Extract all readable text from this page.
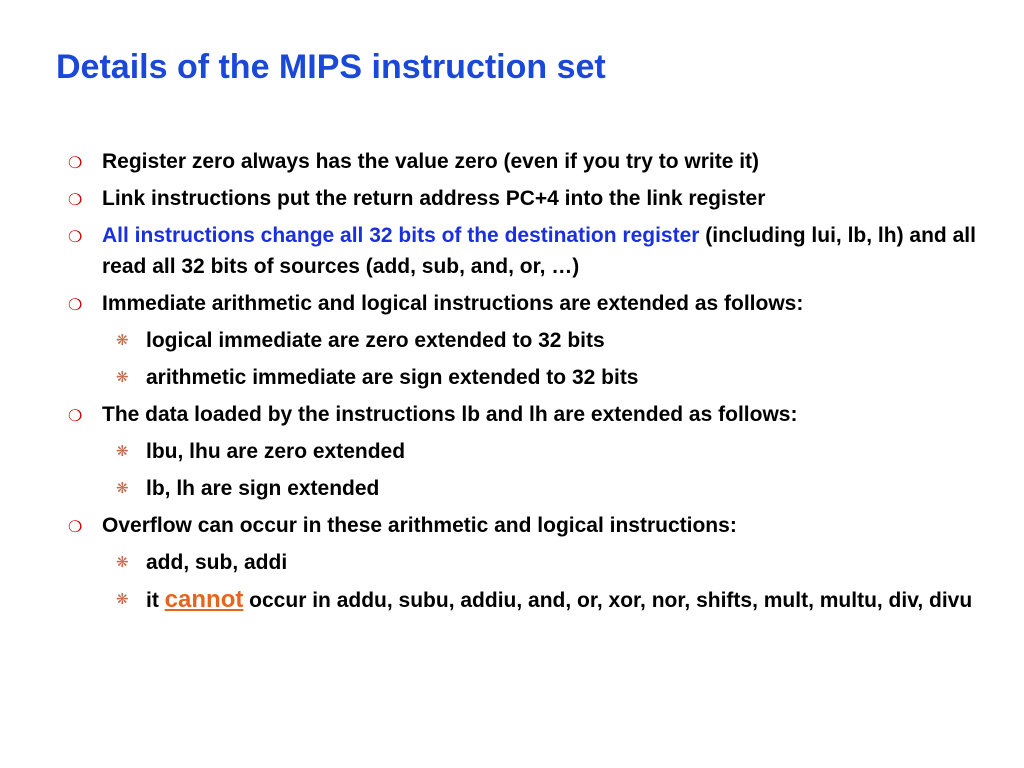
Details of the MIPS instruction set
❍ Register zero always has the value zero (even if you try to write it)
❍ Link instructions put the return address PC+4 into the link register
❍ All instructions change all 32 bits of the destination register (including lui, lb, lh) and all read all 32 bits of sources (add, sub, and, or, …)
❍ Immediate arithmetic and logical instructions are extended as follows:
❋ logical immediate are zero extended to 32 bits
❋ arithmetic immediate are sign extended to 32 bits
❍ The data loaded by the instructions lb and lh are extended as follows:
❋ lbu, lhu are zero extended
❋ lb, lh are sign extended
❍ Overflow can occur in these arithmetic and logical instructions:
❋ add, sub, addi
❋ it cannot occur in addu, subu, addiu, and, or, xor, nor, shifts, mult, multu, div, divu
